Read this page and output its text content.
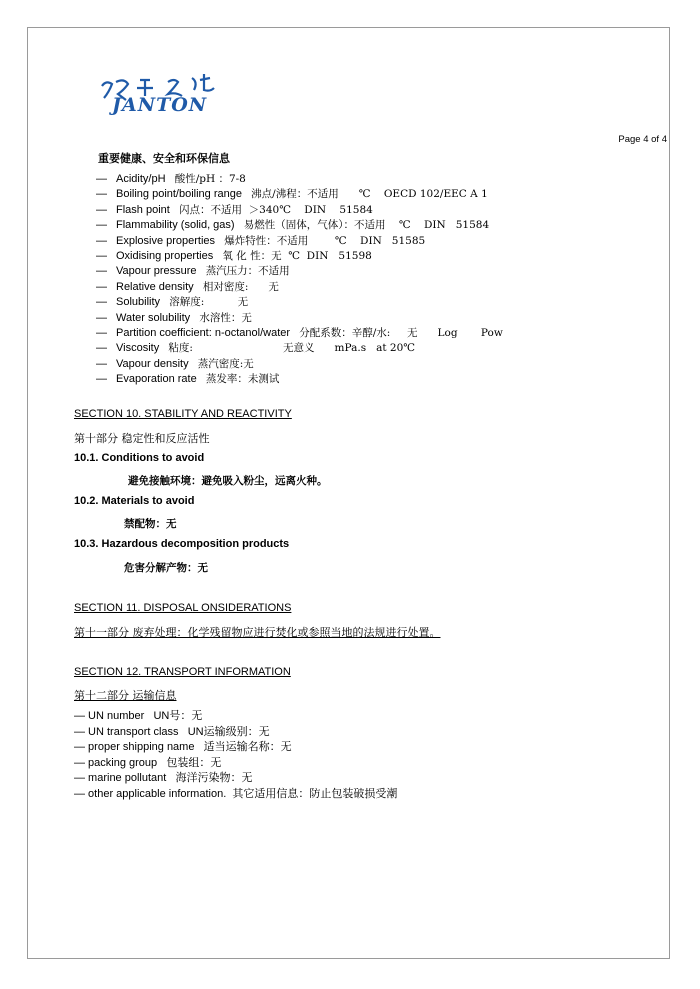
JANTON
Page 4 of 4
重要健康、安全和环保信息
— Acidity/pH 酸性/pH ：7-8
— Boiling point/boiling range 沸点/沸程：不适用      ℃    OECD 102/EEC A 1
— Flash point 闪点：不适用  ＞340℃    DIN    51584
— Flammability (solid, gas) 易燃性（固体，气体）：不适用    ℃    DIN   51584
— Explosive properties 爆炸特性：不适用        ℃    DIN   51585
— Oxidising properties 氧 化 性：无  ℃  DIN   51598
— Vapour pressure 蒸汽压力：不适用
— Relative density 相对密度:      无
— Solubility 溶解度:          无
— Water solubility 水溶性：无
— Partition coefficient: n-octanol/water 分配系数：辛醇/水:     无      Log       Pow
— Viscosity 粘度:                           无意义      mPa.s   at 20℃
— Vapour density 蒸汽密度:无
— Evaporation rate 蒸发率：未测试
SECTION 10. STABILITY AND REACTIVITY
第十部分 稳定性和反应活性
10.1. Conditions to avoid
避免接触环境：避免吸入粉尘，远离火种。
10.2. Materials to avoid
禁配物：无
10.3. Hazardous decomposition products
危害分解产物：无
SECTION 11. DISPOSAL ONSIDERATIONS
第十一部分 废弃处理：化学残留物应进行焚化或参照当地的法规进行处置。
SECTION 12. TRANSPORT INFORMATION
第十二部分 运输信息
— UN number   UN号：无
— UN transport class   UN运输级别：无
— proper shipping name   适当运输名称：无
— packing group   包装组：无
— marine pollutant   海洋污染物：无
— other applicable information.  其它适用信息：防止包装破损受潮
